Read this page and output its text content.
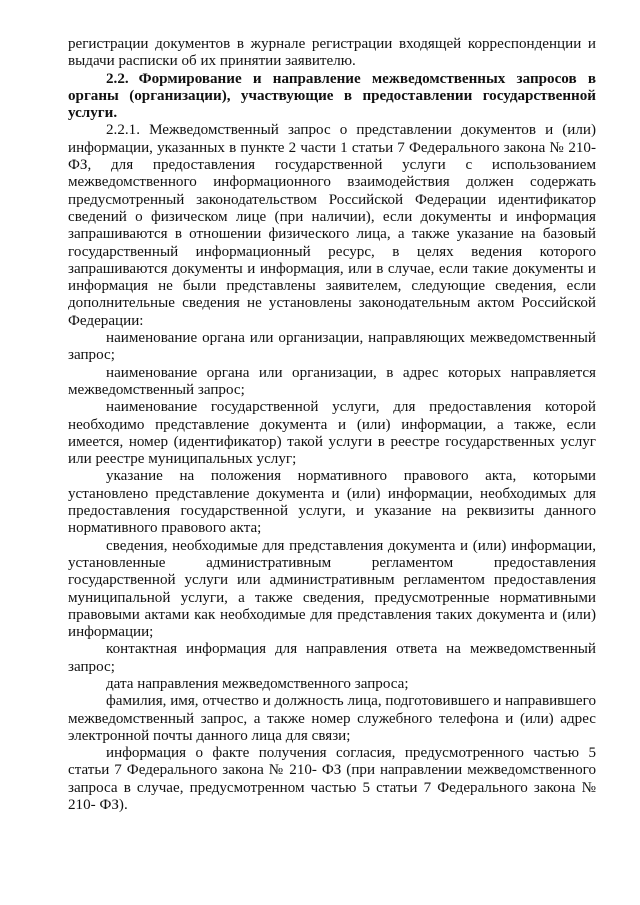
регистрации документов в журнале регистрации входящей корреспонденции и выдачи расписки об их принятии заявителю.

2.2. Формирование и направление межведомственных запросов в органы (организации), участвующие в предоставлении государственной услуги.

2.2.1. Межведомственный запрос о представлении документов и (или) информации, указанных в пункте 2 части 1 статьи 7 Федерального закона № 210-ФЗ, для предоставления государственной услуги с использованием межведомственного информационного взаимодействия должен содержать предусмотренный законодательством Российской Федерации идентификатор сведений о физическом лице (при наличии), если документы и информация запрашиваются в отношении физического лица, а также указание на базовый государственный информационный ресурс, в целях ведения которого запрашиваются документы и информация, или в случае, если такие документы и информация не были представлены заявителем, следующие сведения, если дополнительные сведения не установлены законодательным актом Российской Федерации:

наименование органа или организации, направляющих межведомственный запрос;

наименование органа или организации, в адрес которых направляется межведомственный запрос;

наименование государственной услуги, для предоставления которой необходимо представление документа и (или) информации, а также, если имеется, номер (идентификатор) такой услуги в реестре государственных услуг или реестре муниципальных услуг;

указание на положения нормативного правового акта, которыми установлено представление документа и (или) информации, необходимых для предоставления государственной услуги, и указание на реквизиты данного нормативного правового акта;

сведения, необходимые для представления документа и (или) информации, установленные административным регламентом предоставления государственной услуги или административным регламентом предоставления муниципальной услуги, а также сведения, предусмотренные нормативными правовыми актами как необходимые для представления таких документа и (или) информации;

контактная информация для направления ответа на межведомственный запрос;

дата направления межведомственного запроса;

фамилия, имя, отчество и должность лица, подготовившего и направившего межведомственный запрос, а также номер служебного телефона и (или) адрес электронной почты данного лица для связи;

информация о факте получения согласия, предусмотренного частью 5 статьи 7 Федерального закона № 210- ФЗ (при направлении межведомственного запроса в случае, предусмотренном частью 5 статьи 7 Федерального закона № 210- ФЗ).
